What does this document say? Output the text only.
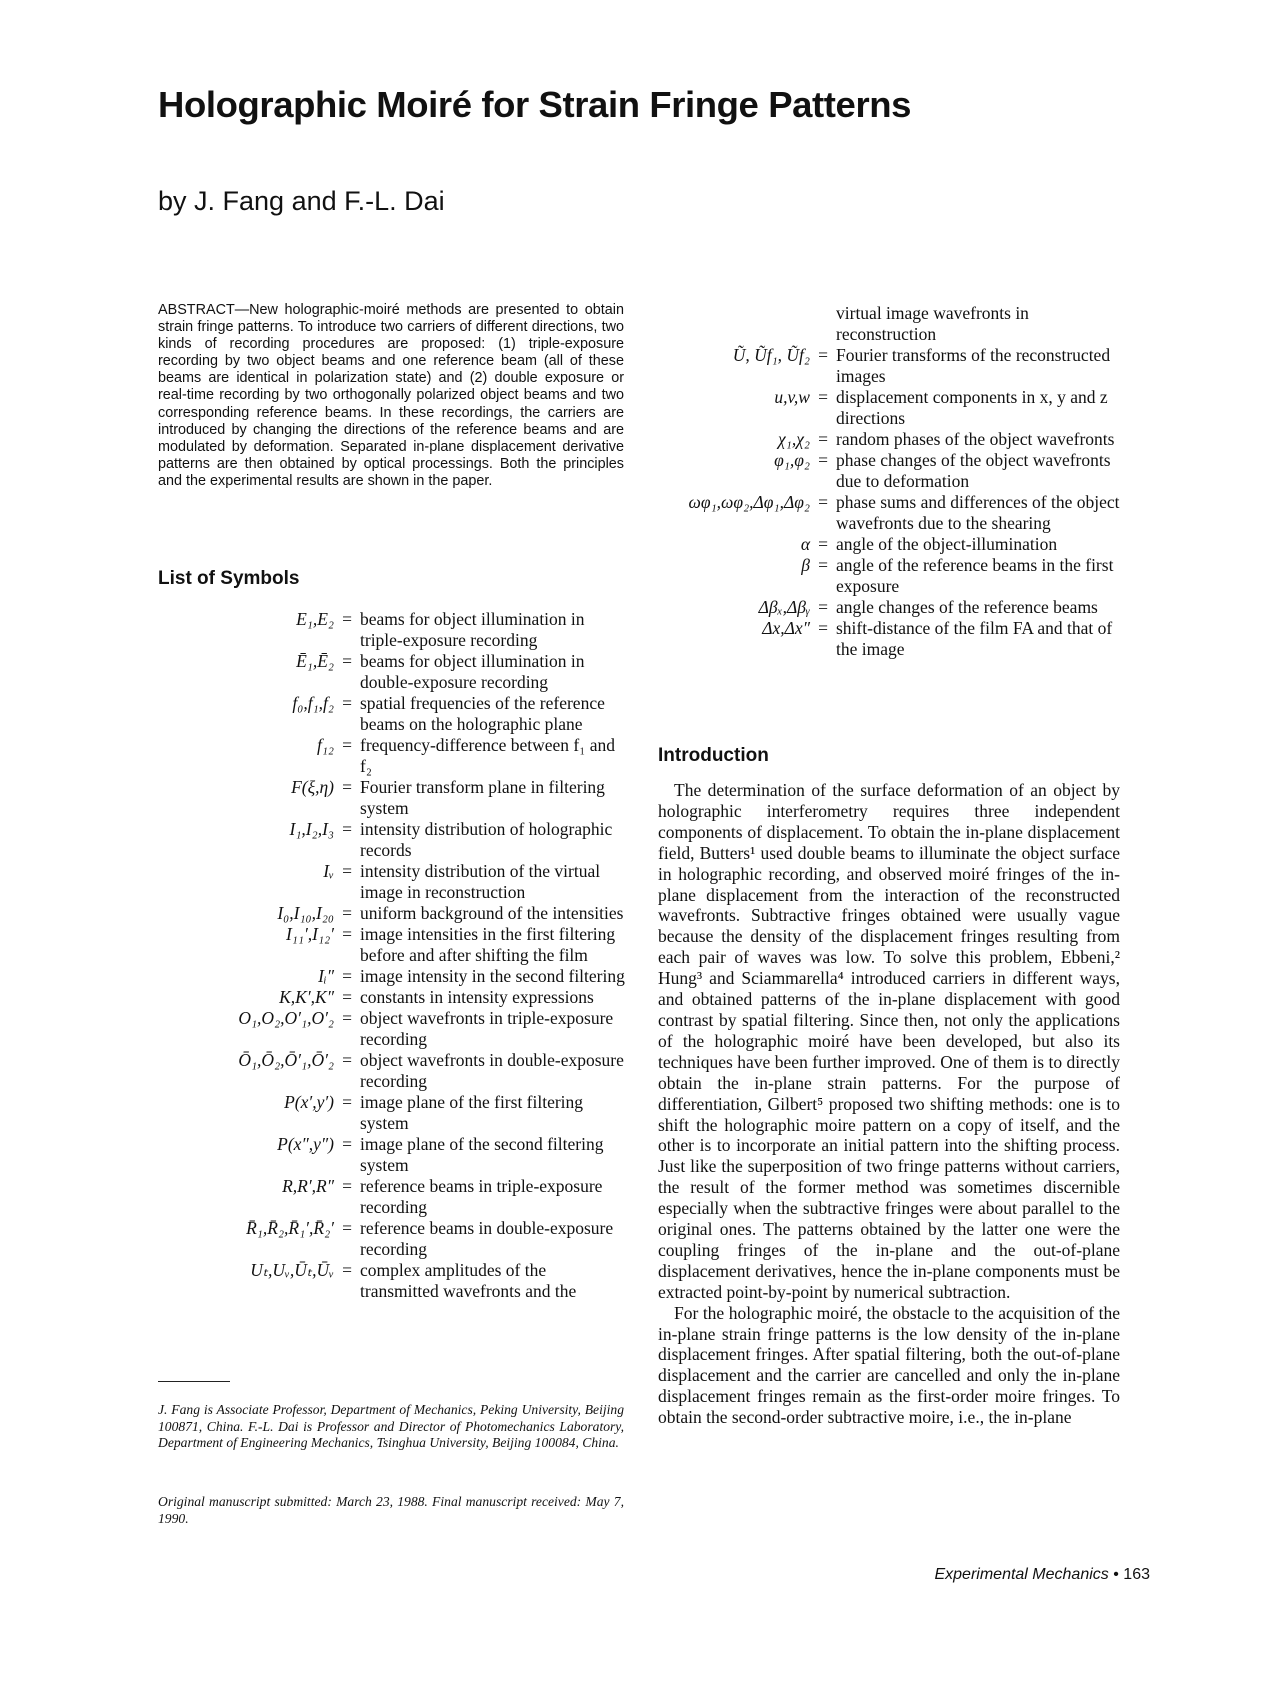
Holographic Moiré for Strain Fringe Patterns

by J. Fang and F.-L. Dai

ABSTRACT—New holographic-moiré methods are presented to obtain strain fringe patterns. To introduce two carriers of different directions, two kinds of recording procedures are proposed: (1) triple-exposure recording by two object beams and one reference beam (all of these beams are identical in polarization state) and (2) double exposure or real-time recording by two orthogonally polarized object beams and two corresponding reference beams. In these recordings, the carriers are introduced by changing the directions of the reference beams and are modulated by deformation. Separated in-plane displacement derivative patterns are then obtained by optical processings. Both the principles and the experimental results are shown in the paper.

List of Symbols
E₁,E₂ = beams for object illumination in triple-exposure recording
Ē₁,Ē₂ = beams for object illumination in double-exposure recording
f₀,f₁,f₂ = spatial frequencies of the reference beams on the holographic plane
f₁₂ = frequency-difference between f₁ and f₂
F(ξ,η) = Fourier transform plane in filtering system
I₁,I₂,I₃ = intensity distribution of holographic records
Iᵥ = intensity distribution of the virtual image in reconstruction
I₀,I₁₀,I₂₀ = uniform background of the intensities
I₁₁′,I₁₂′ = image intensities in the first filtering before and after shifting the film
Iᵢ″ = image intensity in the second filtering
K,K′,K″ = constants in intensity expressions
O₁,O₂,O′₁,O′₂ = object wavefronts in triple-exposure recording
Ō₁,Ō₂,Ō′₁,Ō′₂ = object wavefronts in double-exposure recording
P(x′,y′) = image plane of the first filtering system
P(x″,y″) = image plane of the second filtering system
R,R′,R″ = reference beams in triple-exposure recording
R̄₁,R̄₂,R̄₁′,R̄₂′ = reference beams in double-exposure recording
Uₜ,Uᵥ,Ūₜ,Ūᵥ = complex amplitudes of the transmitted wavefronts and the
virtual image wavefronts in reconstruction
Ũ, Ũf₁, Ũf₂ = Fourier transforms of the reconstructed images
u,v,w = displacement components in x, y and z directions
χ₁,χ₂ = random phases of the object wavefronts
φ₁,φ₂ = phase changes of the object wavefronts due to deformation
ωφ₁,ωφ₂,Δφ₁,Δφ₂ = phase sums and differences of the object wavefronts due to the shearing
α = angle of the object-illumination
β = angle of the reference beams in the first exposure
Δβₓ,Δβᵧ = angle changes of the reference beams
Δx,Δx″ = shift-distance of the film FA and that of the image
Introduction

The determination of the surface deformation of an object by holographic interferometry requires three independent components of displacement. To obtain the in-plane displacement field, Butters¹ used double beams to illuminate the object surface in holographic recording, and observed moiré fringes of the in-plane displacement from the interaction of the reconstructed wavefronts. Subtractive fringes obtained were usually vague because the density of the displacement fringes resulting from each pair of waves was low. To solve this problem, Ebbeni,² Hung³ and Sciammarella⁴ introduced carriers in different ways, and obtained patterns of the in-plane displacement with good contrast by spatial filtering. Since then, not only the applications of the holographic moiré have been developed, but also its techniques have been further improved. One of them is to directly obtain the in-plane strain patterns. For the purpose of differentiation, Gilbert⁵ proposed two shifting methods: one is to shift the holographic moire pattern on a copy of itself, and the other is to incorporate an initial pattern into the shifting process. Just like the superposition of two fringe patterns without carriers, the result of the former method was sometimes discernible especially when the subtractive fringes were about parallel to the original ones. The patterns obtained by the latter one were the coupling fringes of the in-plane and the out-of-plane displacement derivatives, hence the in-plane components must be extracted point-by-point by numerical subtraction.

For the holographic moiré, the obstacle to the acquisition of the in-plane strain fringe patterns is the low density of the in-plane displacement fringes. After spatial filtering, both the out-of-plane displacement and the carrier are cancelled and only the in-plane displacement fringes remain as the first-order moire fringes. To obtain the second-order subtractive moire, i.e., the in-plane

J. Fang is Associate Professor, Department of Mechanics, Peking University, Beijing 100871, China. F.-L. Dai is Professor and Director of Photomechanics Laboratory, Department of Engineering Mechanics, Tsinghua University, Beijing 100084, China.

Original manuscript submitted: March 23, 1988. Final manuscript received: May 7, 1990.

Experimental Mechanics • 163
